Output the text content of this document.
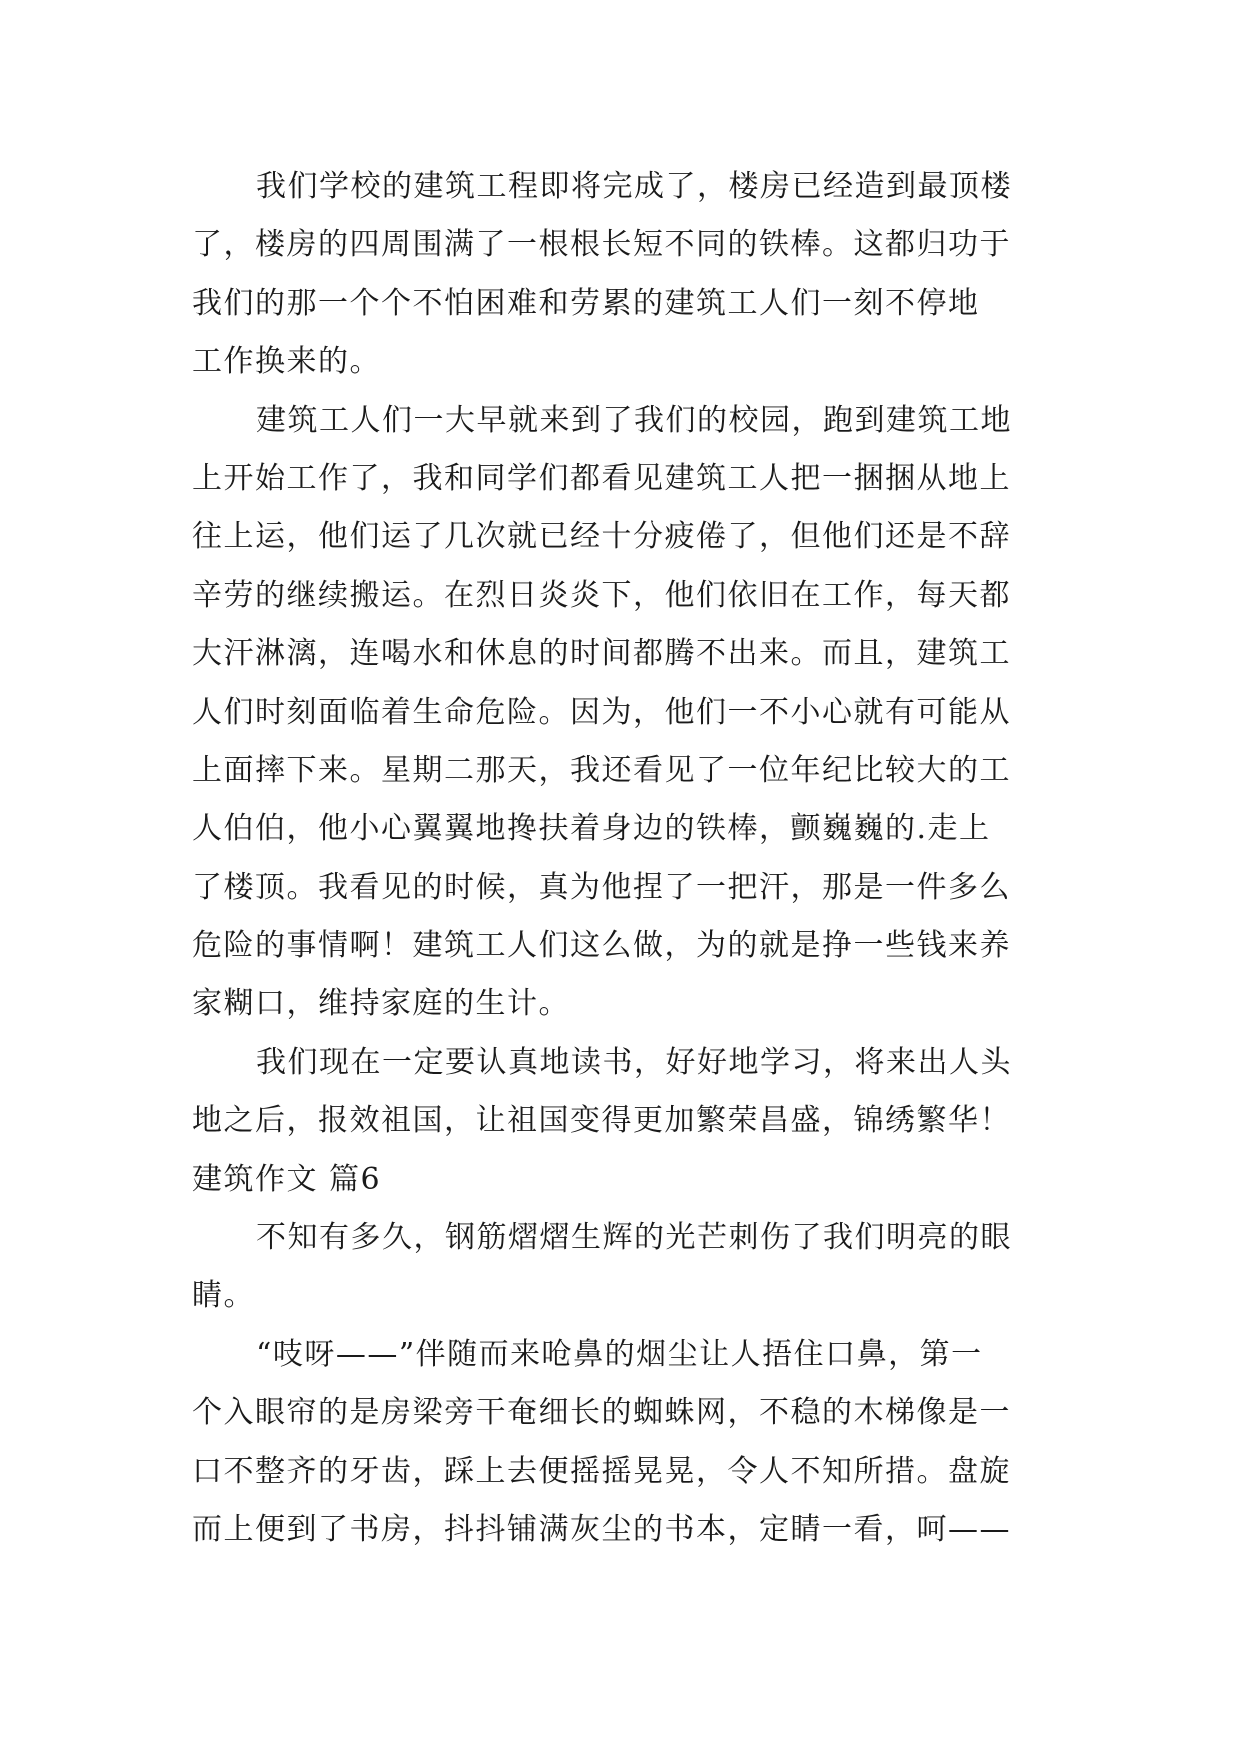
我们学校的建筑工程即将完成了，楼房已经造到最顶楼
了，楼房的四周围满了一根根长短不同的铁棒。这都归功于
我们的那一个个不怕困难和劳累的建筑工人们一刻不停地
工作换来的。
建筑工人们一大早就来到了我们的校园，跑到建筑工地
上开始工作了，我和同学们都看见建筑工人把一捆捆从地上
往上运，他们运了几次就已经十分疲倦了，但他们还是不辞
辛劳的继续搬运。在烈日炎炎下，他们依旧在工作，每天都
大汗淋漓，连喝水和休息的时间都腾不出来。而且，建筑工
人们时刻面临着生命危险。因为，他们一不小心就有可能从
上面摔下来。星期二那天，我还看见了一位年纪比较大的工
人伯伯，他小心翼翼地搀扶着身边的铁棒，颤巍巍的.走上
了楼顶。我看见的时候，真为他捏了一把汗，那是一件多么
危险的事情啊！建筑工人们这么做，为的就是挣一些钱来养
家糊口，维持家庭的生计。
我们现在一定要认真地读书，好好地学习，将来出人头
地之后，报效祖国，让祖国变得更加繁荣昌盛，锦绣繁华！
建筑作文 篇6
不知有多久，钢筋熠熠生辉的光芒刺伤了我们明亮的眼
睛。
“吱呀——”伴随而来呛鼻的烟尘让人捂住口鼻，第一
个入眼帘的是房梁旁干奄细长的蜘蛛网，不稳的木梯像是一
口不整齐的牙齿，踩上去便摇摇晃晃，令人不知所措。盘旋
而上便到了书房，抖抖铺满灰尘的书本，定睛一看，呵——
